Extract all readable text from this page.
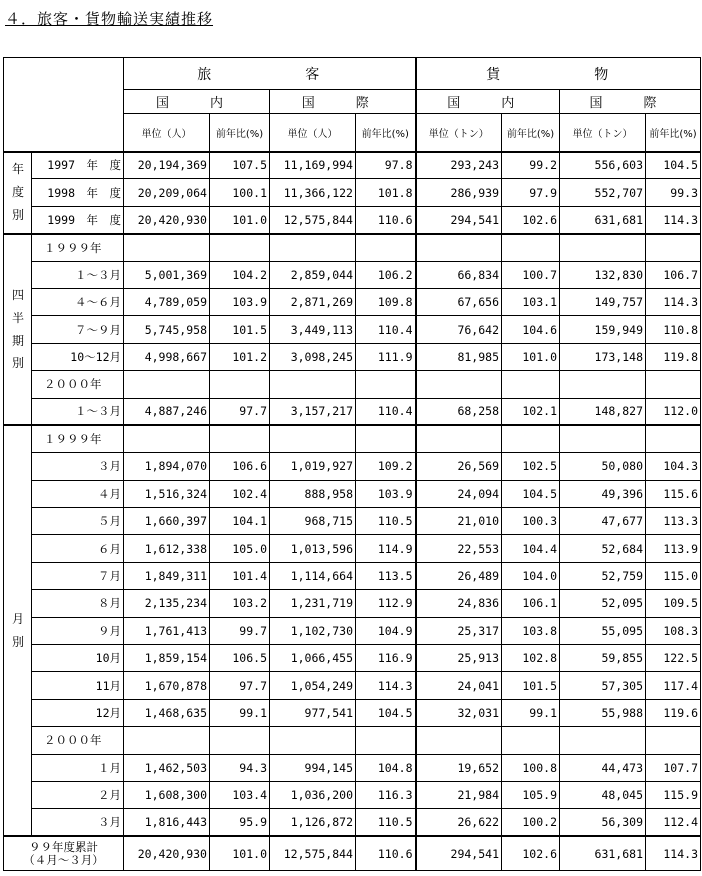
４．旅客・貨物輸送実績推移
		旅　　客				貨　　物			
		国　内		国　際		国　内		国　際	
		単位（人）	前年比(%)	単位（人）	前年比(%)	単位（トン）	前年比(%)	単位（トン）	前年比(%)
年度別	1997　年　度	20,194,369	107.5	11,169,994	97.8	293,243	99.2	556,603	104.5
	1998　年　度	20,209,064	100.1	11,366,122	101.8	286,939	97.9	552,707	99.3
	1999　年　度	20,420,930	101.0	12,575,844	110.6	294,541	102.6	631,681	114.3
四半期別	１９９９年								
	１～３月	5,001,369	104.2	2,859,044	106.2	66,834	100.7	132,830	106.7
	４～６月	4,789,059	103.9	2,871,269	109.8	67,656	103.1	149,757	114.3
	７～９月	5,745,958	101.5	3,449,113	110.4	76,642	104.6	159,949	110.8
	10～12月	4,998,667	101.2	3,098,245	111.9	81,985	101.0	173,148	119.8
	２０００年								
	１～３月	4,887,246	97.7	3,157,217	110.4	68,258	102.1	148,827	112.0
月別	１９９９年								
	３月	1,894,070	106.6	1,019,927	109.2	26,569	102.5	50,080	104.3
	４月	1,516,324	102.4	888,958	103.9	24,094	104.5	49,396	115.6
	５月	1,660,397	104.1	968,715	110.5	21,010	100.3	47,677	113.3
	６月	1,612,338	105.0	1,013,596	114.9	22,553	104.4	52,684	113.9
	７月	1,849,311	101.4	1,114,664	113.5	26,489	104.0	52,759	115.0
	８月	2,135,234	103.2	1,231,719	112.9	24,836	106.1	52,095	109.5
	９月	1,761,413	99.7	1,102,730	104.9	25,317	103.8	55,095	108.3
	10月	1,859,154	106.5	1,066,455	116.9	25,913	102.8	59,855	122.5
	11月	1,670,878	97.7	1,054,249	114.3	24,041	101.5	57,305	117.4
	12月	1,468,635	99.1	977,541	104.5	32,031	99.1	55,988	119.6
	２０００年								
	１月	1,462,503	94.3	994,145	104.8	19,652	100.8	44,473	107.7
	２月	1,608,300	103.4	1,036,200	116.3	21,984	105.9	48,045	115.9
	３月	1,816,443	95.9	1,126,872	110.5	26,622	100.2	56,309	112.4

９９年度累計
（４月～３月）		20,420,930	101.0	12,575,844	110.6	294,541	102.6	631,681	114.3
